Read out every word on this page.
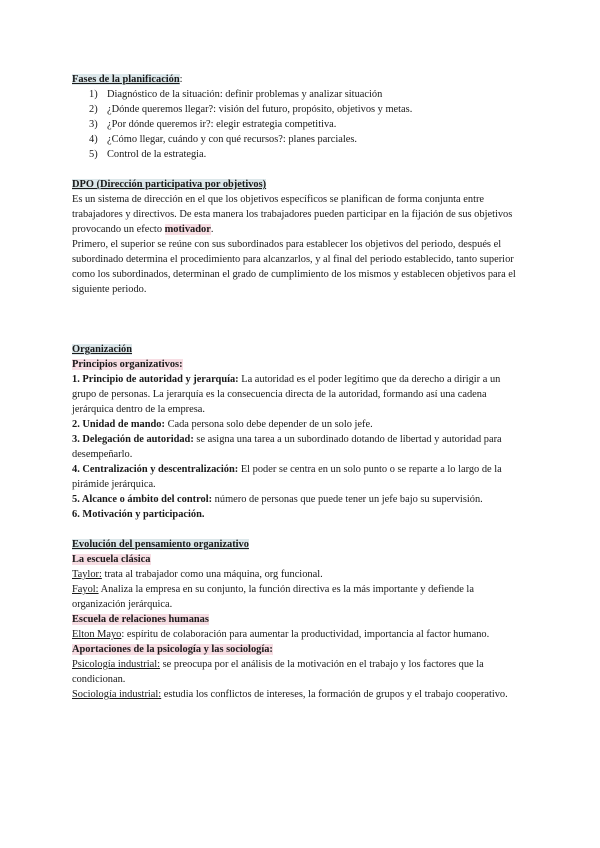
Fases de la planificación:

1) Diagnóstico de la situación: definir problemas y analizar situación
2) ¿Dónde queremos llegar?: visión del futuro, propósito, objetivos y metas.
3) ¿Por dónde queremos ir?: elegir estrategia competitiva.
4) ¿Cómo llegar, cuándo y con qué recursos?: planes parciales.
5) Control de la estrategia.

DPO (Dirección participativa por objetivos)

Es un sistema de dirección en el que los objetivos específicos se planifican de forma conjunta entre trabajadores y directivos. De esta manera los trabajadores pueden participar en la fijación de sus objetivos provocando un efecto motivador.

Primero, el superior se reúne con sus subordinados para establecer los objetivos del periodo, después el subordinado determina el procedimiento para alcanzarlos, y al final del periodo establecido, tanto superior como los subordinados, determinan el grado de cumplimiento de los mismos y establecen objetivos para el siguiente periodo.

Organización

Principios organizativos:

1. Principio de autoridad y jerarquía: La autoridad es el poder legítimo que da derecho a dirigir a un grupo de personas. La jerarquía es la consecuencia directa de la autoridad, formando así una cadena jerárquica dentro de la empresa.

2. Unidad de mando: Cada persona solo debe depender de un solo jefe.

3. Delegación de autoridad: se asigna una tarea a un subordinado dotando de libertad y autoridad para desempeñarlo.

4. Centralización y descentralización: El poder se centra en un solo punto o se reparte a lo largo de la pirámide jerárquica.

5. Alcance o ámbito del control: número de personas que puede tener un jefe bajo su supervisión.

6. Motivación y participación.

Evolución del pensamiento organizativo

La escuela clásica

Taylor: trata al trabajador como una máquina, org funcional.

Fayol: Analiza la empresa en su conjunto, la función directiva es la más importante y defiende la organización jerárquica.

Escuela de relaciones humanas

Elton Mayo: espíritu de colaboración para aumentar la productividad, importancia al factor humano.

Aportaciones de la psicología y las sociología:

Psicología industrial: se preocupa por el análisis de la motivación en el trabajo y los factores que la condicionan.

Sociología industrial: estudia los conflictos de intereses, la formación de grupos y el trabajo cooperativo.
